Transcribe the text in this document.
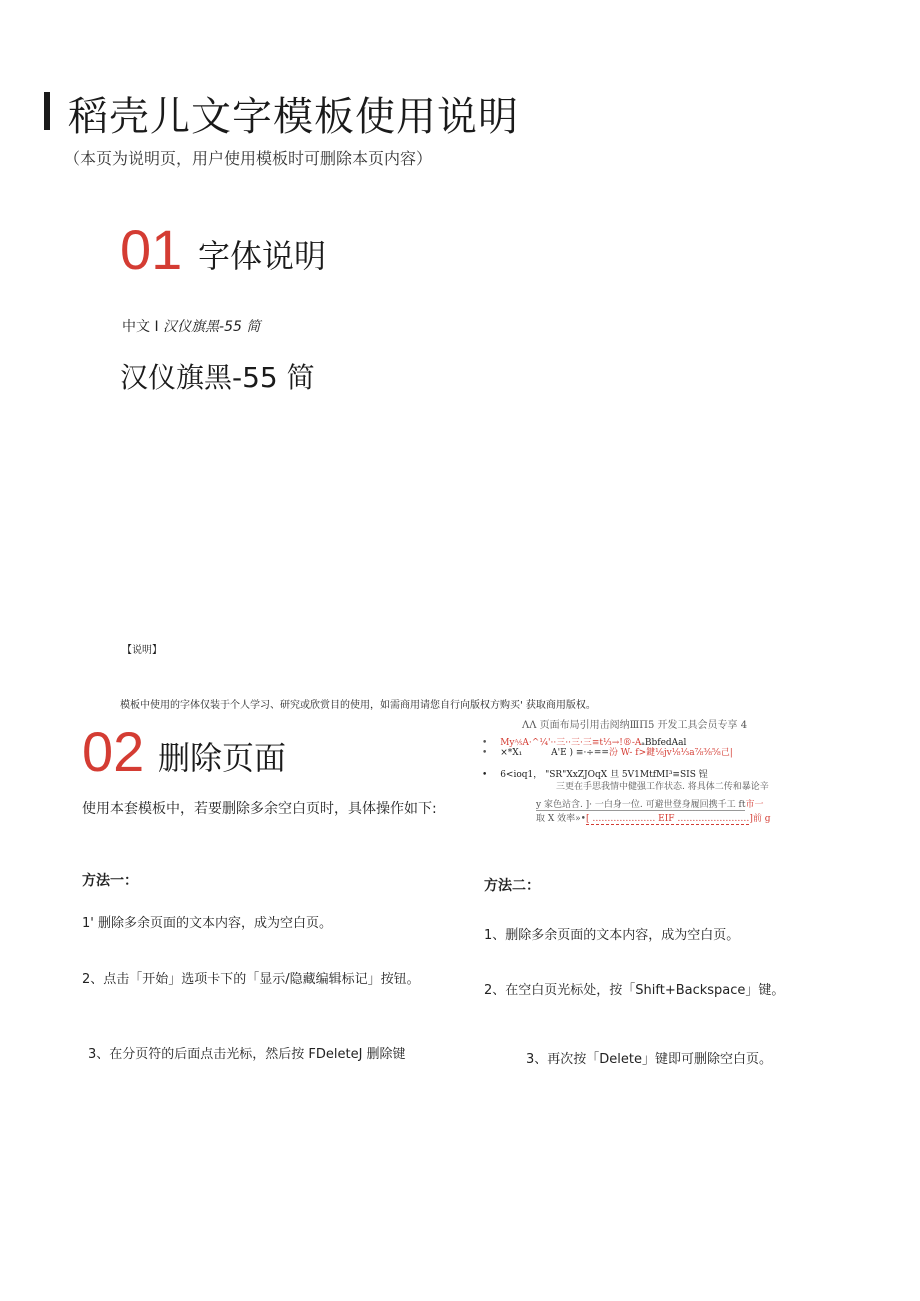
稻壳儿文字模板使用说明
（本页为说明页，用户使用模板时可删除本页内容）
01 字体说明
中文 I 汉仪旗黑-55 简
汉仪旗黑-55 简
【说明】
模板中使用的字体仅装于个人学习、研究或欣赏目的使用，如需商用请您自行向版权方购买' 获取商用版权。
ΛΛ 页面布局引用击阅纳ⅢΠ5 开发工具会员专享 4
• My⅍A·^¼'··三··三·三≡t⅓→!®-AₐBbfedAal
• ×*X₁	A'E ) ≡·÷==汾 W- f>鍵⅛jv⅛⅓a⅞⅜⅝己|
• 6<ioq1， "SR"XxZJOqX 旦 5V1MtfMI³≡SIS 锃
三更在手思我情中健强工作状态. 将具体二传和暴论辛
y 家色站含. ]· 一白身一位. 可避世登身履回携千工 ft市一
取 X 效率»•[ ………………… EIF ……………………]前 g
02 删除页面
使用本套模板中，若要删除多余空白页时，具体操作如下:
方法一：
1' 删除多余页面的文本内容，成为空白页。
2、点击「开始」选项卡下的「显示/隐藏编辑标记」按钮。
3、在分页符的后面点击光标，然后按 FDeleteJ 删除键
方法二：
1、删除多余页面的文本内容，成为空白页。
2、在空白页光标处，按「Shift+Backspace」键。
3、再次按「Delete」键即可删除空白页。
